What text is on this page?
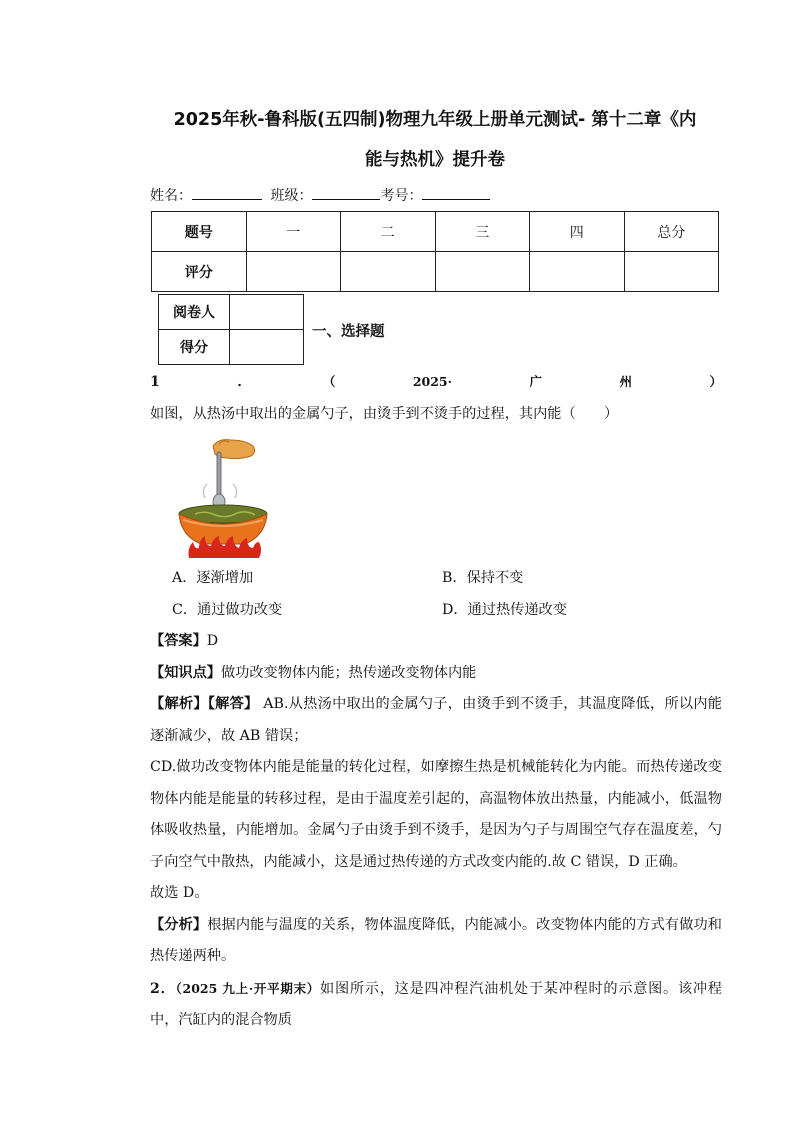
2025年秋-鲁科版(五四制)物理九年级上册单元测试- 第十二章《内
能与热机》提升卷
姓名：	班级：	考号：
题号	一	二	三	四	总分
评分					
阅卷人	
得分	
一、选择题

1．（2025·广州）如图，从热汤中取出的金属勺子，由烫手到不烫手的过程，其内能（　　）

A．逐渐增加	B．保持不变
C．通过做功改变	D．通过热传递改变

【答案】D

【知识点】做功改变物体内能；热传递改变物体内能

【解析】【解答】 AB.从热汤中取出的金属勺子，由烫手到不烫手，其温度降低，所以内能逐渐减少，故 AB 错误；

CD.做功改变物体内能是能量的转化过程，如摩擦生热是机械能转化为内能。而热传递改变物体内能是能量的转移过程，是由于温度差引起的，高温物体放出热量，内能减小，低温物体吸收热量，内能增加。金属勺子由烫手到不烫手，是因为勺子与周围空气存在温度差，勺子向空气中散热，内能减小，这是通过热传递的方式改变内能的.故 C 错误，D 正确。

故选 D。

【分析】根据内能与温度的关系，物体温度降低，内能减小。改变物体内能的方式有做功和热传递两种。

2．（2025 九上·开平期末）如图所示，这是四冲程汽油机处于某冲程时的示意图。该冲程中，汽缸内的混合物质
